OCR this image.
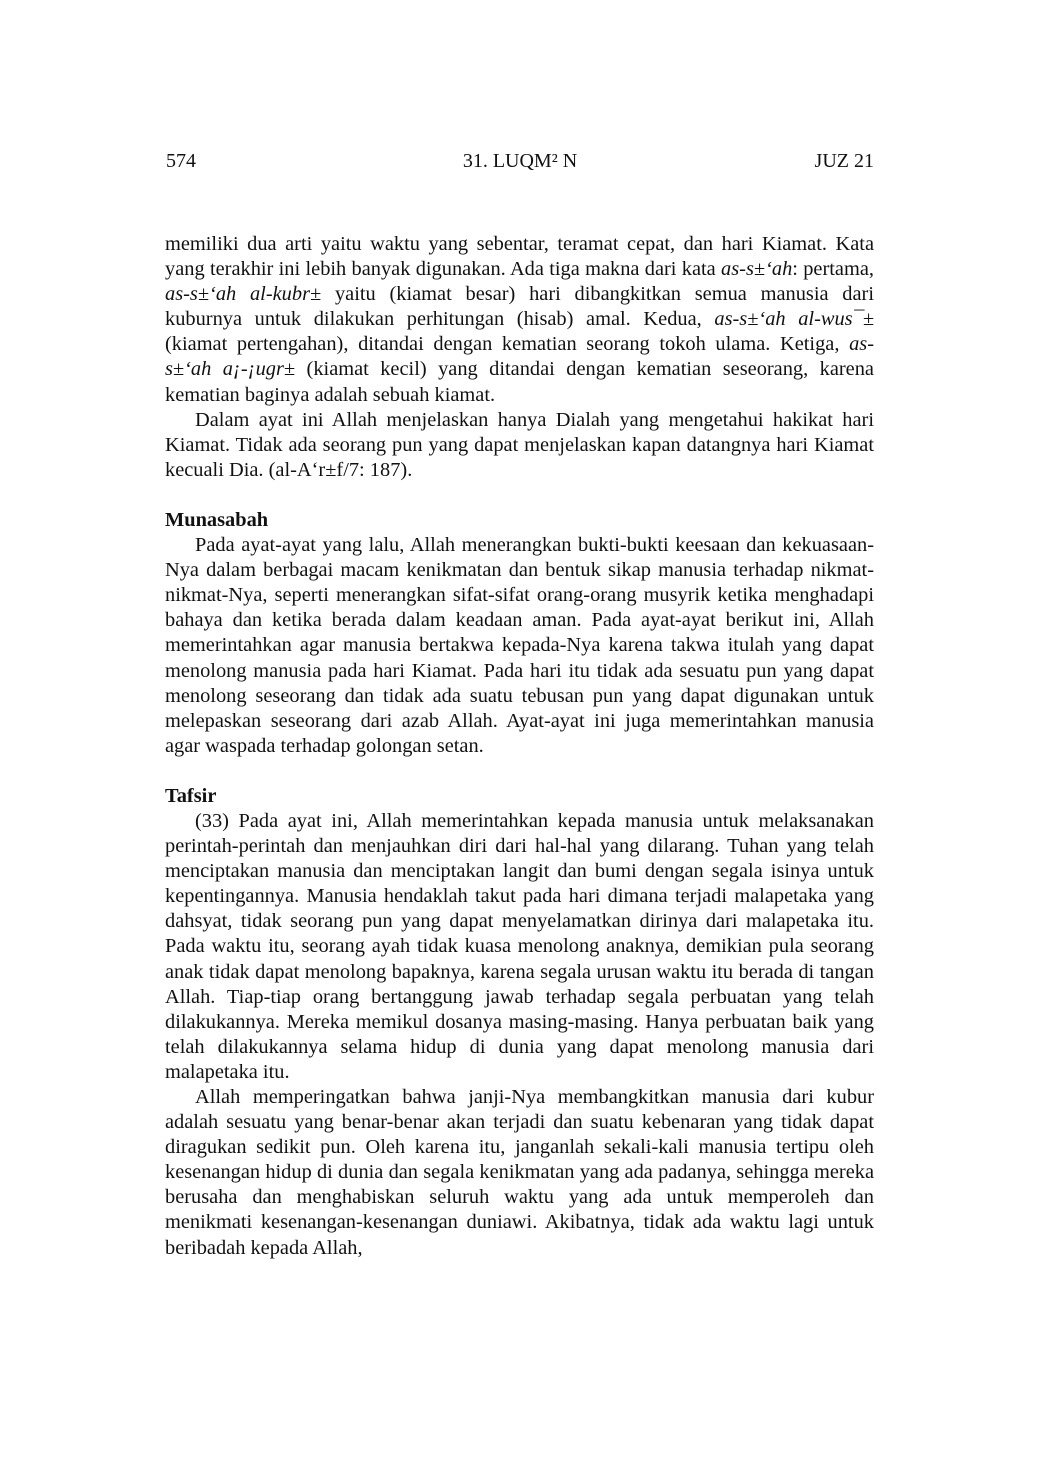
574	31. LUQM² N	JUZ 21

memiliki dua arti yaitu waktu yang sebentar, teramat cepat, dan hari Kiamat. Kata yang terakhir ini lebih banyak digunakan. Ada tiga makna dari kata as-s±‘ah: pertama, as-s±‘ah al-kubr± yaitu (kiamat besar) hari dibangkitkan semua manusia dari kuburnya untuk dilakukan perhitungan (hisab) amal. Kedua, as-s±‘ah al-wus¯± (kiamat pertengahan), ditandai dengan kematian seorang tokoh ulama. Ketiga, as-s±‘ah a¡-¡ugr± (kiamat kecil) yang ditandai dengan kematian seseorang, karena kematian baginya adalah sebuah kiamat.

Dalam ayat ini Allah menjelaskan hanya Dialah yang mengetahui hakikat hari Kiamat. Tidak ada seorang pun yang dapat menjelaskan kapan datangnya hari Kiamat kecuali Dia. (al-A‘r±f/7: 187).

Munasabah

Pada ayat-ayat yang lalu, Allah menerangkan bukti-bukti keesaan dan kekuasaan-Nya dalam berbagai macam kenikmatan dan bentuk sikap manusia terhadap nikmat-nikmat-Nya, seperti menerangkan sifat-sifat orang-orang musyrik ketika menghadapi bahaya dan ketika berada dalam keadaan aman. Pada ayat-ayat berikut ini, Allah memerintahkan agar manusia bertakwa kepada-Nya karena takwa itulah yang dapat menolong manusia pada hari Kiamat. Pada hari itu tidak ada sesuatu pun yang dapat menolong seseorang dan tidak ada suatu tebusan pun yang dapat digunakan untuk melepaskan seseorang dari azab Allah. Ayat-ayat ini juga memerintahkan manusia agar waspada terhadap golongan setan.

Tafsir

(33) Pada ayat ini, Allah memerintahkan kepada manusia untuk melaksanakan perintah-perintah dan menjauhkan diri dari hal-hal yang dilarang. Tuhan yang telah menciptakan manusia dan menciptakan langit dan bumi dengan segala isinya untuk kepentingannya. Manusia hendaklah takut pada hari dimana terjadi malapetaka yang dahsyat, tidak seorang pun yang dapat menyelamatkan dirinya dari malapetaka itu. Pada waktu itu, seorang ayah tidak kuasa menolong anaknya, demikian pula seorang anak tidak dapat menolong bapaknya, karena segala urusan waktu itu berada di tangan Allah. Tiap-tiap orang bertanggung jawab terhadap segala perbuatan yang telah dilakukannya. Mereka memikul dosanya masing-masing. Hanya perbuatan baik yang telah dilakukannya selama hidup di dunia yang dapat menolong manusia dari malapetaka itu.

Allah memperingatkan bahwa janji-Nya membangkitkan manusia dari kubur adalah sesuatu yang benar-benar akan terjadi dan suatu kebenaran yang tidak dapat diragukan sedikit pun. Oleh karena itu, janganlah sekali-kali manusia tertipu oleh kesenangan hidup di dunia dan segala kenikmatan yang ada padanya, sehingga mereka berusaha dan menghabiskan seluruh waktu yang ada untuk memperoleh dan menikmati kesenangan-kesenangan duniawi. Akibatnya, tidak ada waktu lagi untuk beribadah kepada Allah,
